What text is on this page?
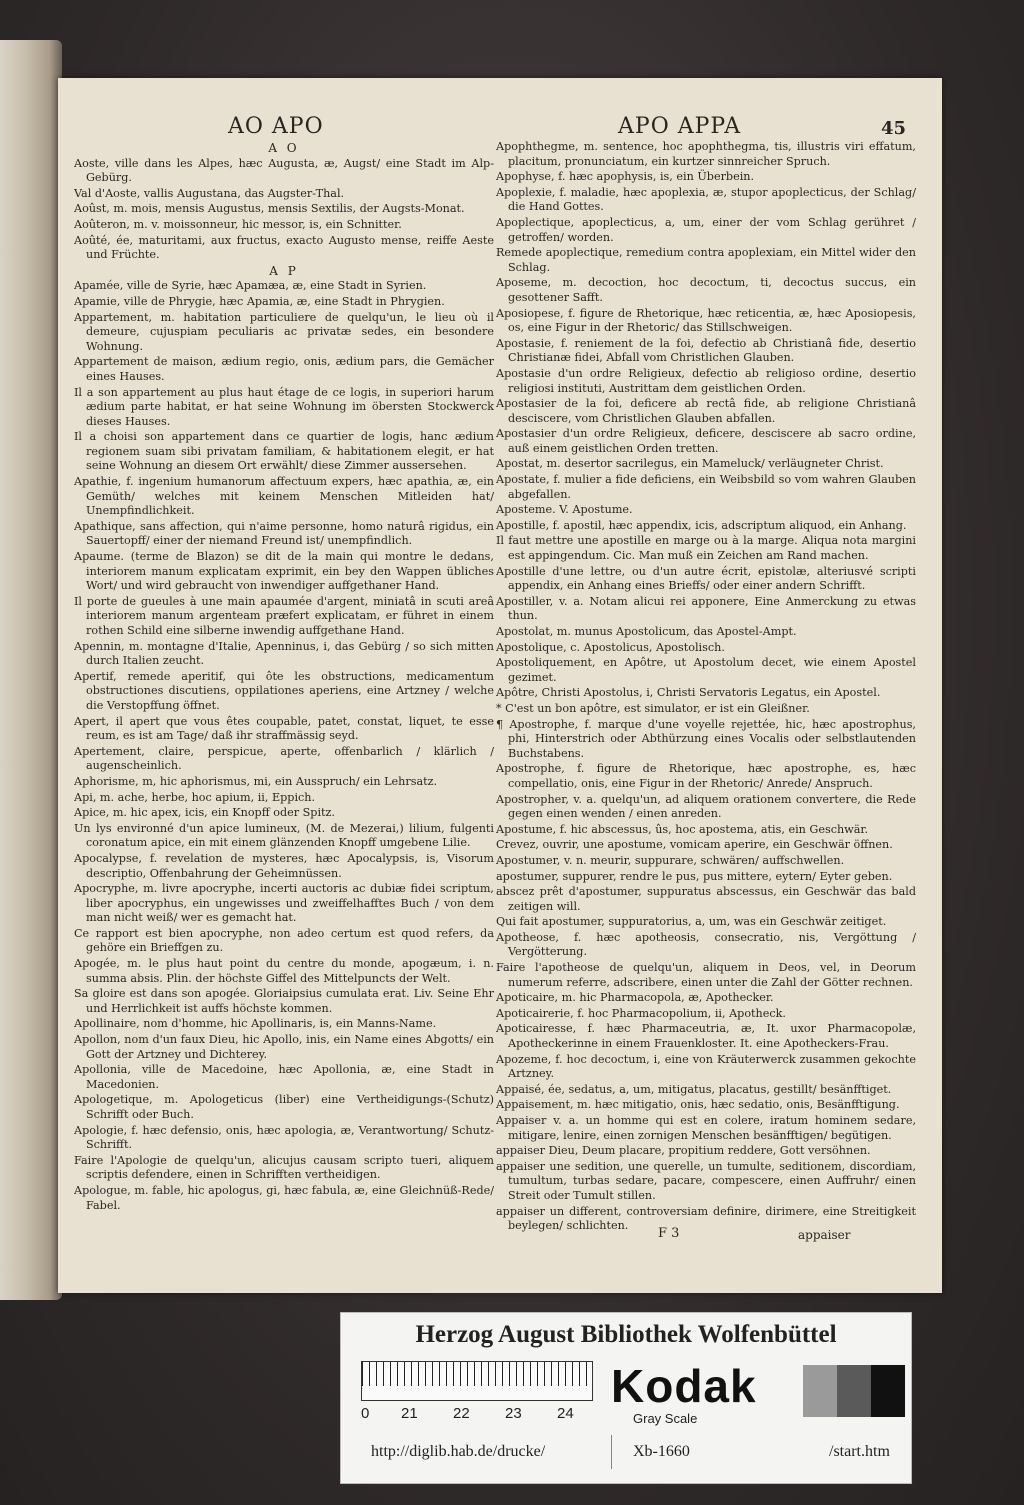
AO APO	APO APPA	45
A O
Aoste, ville dans les Alpes, hæc Augusta, æ, Augst/ eine Stadt im Alp-Gebürg.
Val d'Aoste, vallis Augustana, das Augster-Thal.
Aoûst, m. mois, mensis Augustus, mensis Sextilis, der Augsts-Monat.
Aoûteron, m. v. moissonneur, hic messor, is, ein Schnitter.
Aoûté, ée, maturitami, aux fructus, exacto Augusto mense, reiffe Aeste und Früchte.
A P
Apamée, ville de Syrie, hæc Apamæa, æ, eine Stadt in Syrien.
Apamie, ville de Phrygie, hæc Apamia, æ, eine Stadt in Phrygien.
Appartement, m. habitation particuliere de quelqu'un, le lieu où il demeure, cujuspiam peculiaris ac privatæ sedes, ein besondere Wohnung.
Appartement de maison, ædium regio, onis, ædium pars, die Gemächer eines Hauses.
Il a son appartement au plus haut étage de ce logis, in superiori harum ædium parte habitat, er hat seine Wohnung im öbersten Stockwerck dieses Hauses.
Il a choisi son appartement dans ce quartier de logis, hanc ædium regionem suam sibi privatam familiam, & habitationem elegit, er hat seine Wohnung an diesem Ort erwählt/ diese Zimmer aussersehen.
Apathie, f. ingenium humanorum affectuum expers, hæc apathia, æ, ein Gemüth/ welches mit keinem Menschen Mitleiden hat/ Unempfindlichkeit.
Apathique, sans affection, qui n'aime personne, homo naturâ rigidus, ein Sauertopff/ einer der niemand Freund ist/ unempfindlich.
Apaume. (terme de Blazon) se dit de la main qui montre le dedans, interiorem manum explicatam exprimit, ein bey den Wappen übliches Wort/ und wird gebraucht von inwendiger auffgethaner Hand.
Il porte de gueules à une main apaumée d'argent, miniatâ in scuti areâ interiorem manum argenteam præfert explicatam, er führet in einem rothen Schild eine silberne inwendig auffgethane Hand.
Apennin, m. montagne d'Italie, Apenninus, i, das Gebürg / so sich mitten durch Italien zeucht.
Apertif, remede aperitif, qui ôte les obstructions, medicamentum obstructiones discutiens, oppilationes aperiens, eine Artzney / welche die Verstopffung öffnet.
Apert, il apert que vous êtes coupable, patet, constat, liquet, te esse reum, es ist am Tage/ daß ihr straffmässig seyd.
Apertement, claire, perspicue, aperte, offenbarlich / klärlich / augenscheinlich.
Aphorisme, m, hic aphorismus, mi, ein Ausspruch/ ein Lehrsatz.
Api, m. ache, herbe, hoc apium, ii, Eppich.
Apice, m. hic apex, icis, ein Knopff oder Spitz.
Un lys environné d'un apice lumineux, (M. de Mezerai,) lilium, fulgenti coronatum apice, ein mit einem glänzenden Knopff umgebene Lilie.
Apocalypse, f. revelation de mysteres, hæc Apocalypsis, is, Visorum descriptio, Offenbahrung der Geheimnüssen.
Apocryphe, m. livre apocryphe, incerti auctoris ac dubiæ fidei scriptum, liber apocryphus, ein ungewisses und zweiffelhafftes Buch / von dem man nicht weiß/ wer es gemacht hat.
Ce rapport est bien apocryphe, non adeo certum est quod refers, da gehöre ein Brieffgen zu.
Apogée, m. le plus haut point du centre du monde, apogæum, i. n. summa absis. Plin. der höchste Giffel des Mittelpuncts der Welt.
Sa gloire est dans son apogée. Gloriaipsius cumulata erat. Liv. Seine Ehr und Herrlichkeit ist auffs höchste kommen.
Apollinaire, nom d'homme, hic Apollinaris, is, ein Manns-Name.
Apollon, nom d'un faux Dieu, hic Apollo, inis, ein Name eines Abgotts/ ein Gott der Artzney und Dichterey.
Apollonia, ville de Macedoine, hæc Apollonia, æ, eine Stadt in Macedonien.
Apologetique, m. Apologeticus (liber) eine Vertheidigungs-(Schutz) Schrifft oder Buch.
Apologie, f. hæc defensio, onis, hæc apologia, æ, Verantwortung/ Schutz-Schrifft.
Faire l'Apologie de quelqu'un, alicujus causam scripto tueri, aliquem scriptis defendere, einen in Schrifften vertheidigen.
Apologue, m. fable, hic apologus, gi, hæc fabula, æ, eine Gleichnüß-Rede/ Fabel.
Apophthegme, m. sentence, hoc apophthegma, tis, illustris viri effatum, placitum, pronunciatum, ein kurtzer sinnreicher Spruch.
Apophyse, f. hæc apophysis, is, ein Überbein.
Apoplexie, f. maladie, hæc apoplexia, æ, stupor apoplecticus, der Schlag/ die Hand Gottes.
Apoplectique, apoplecticus, a, um, einer der vom Schlag gerühret / getroffen/ worden.
Remede apoplectique, remedium contra apoplexiam, ein Mittel wider den Schlag.
Aposeme, m. decoction, hoc decoctum, ti, decoctus succus, ein gesottener Safft.
Aposiopese, f. figure de Rhetorique, hæc reticentia, æ, hæc Aposiopesis, os, eine Figur in der Rhetoric/ das Stillschweigen.
Apostasie, f. reniement de la foi, defectio ab Christianâ fide, desertio Christianæ fidei, Abfall vom Christlichen Glauben.
Apostasie d'un ordre Religieux, defectio ab religioso ordine, desertio religiosi instituti, Austrittam dem geistlichen Orden.
Apostasier de la foi, deficere ab rectâ fide, ab religione Christianâ desciscere, vom Christlichen Glauben abfallen.
Apostasier d'un ordre Religieux, deficere, desciscere ab sacro ordine, auß einem geistlichen Orden tretten.
Apostat, m. desertor sacrilegus, ein Mameluck/ verläugneter Christ.
Apostate, f. mulier a fide deficiens, ein Weibsbild so vom wahren Glauben abgefallen.
Aposteme. V. Apostume.
Apostille, f. apostil, hæc appendix, icis, adscriptum aliquod, ein Anhang.
Il faut mettre une apostille en marge ou à la marge. Aliqua nota margini est appingendum. Cic. Man muß ein Zeichen am Rand machen.
Apostille d'une lettre, ou d'un autre écrit, epistolæ, alteriusvé scripti appendix, ein Anhang eines Brieffs/ oder einer andern Schrifft.
Apostiller, v. a. Notam alicui rei apponere, Eine Anmerckung zu etwas thun.
Apostolat, m. munus Apostolicum, das Apostel-Ampt.
Apostolique, c. Apostolicus, Apostolisch.
Apostoliquement, en Apôtre, ut Apostolum decet, wie einem Apostel gezimet.
Apôtre, Christi Apostolus, i, Christi Servatoris Legatus, ein Apostel.
* C'est un bon apôtre, est simulator, er ist ein Gleißner.
¶ Apostrophe, f. marque d'une voyelle rejettée, hic, hæc apostrophus, phi, Hinterstrich oder Abthürzung eines Vocalis oder selbstlautenden Buchstabens.
Apostrophe, f. figure de Rhetorique, hæc apostrophe, es, hæc compellatio, onis, eine Figur in der Rhetoric/ Anrede/ Anspruch.
Apostropher, v. a. quelqu'un, ad aliquem orationem convertere, die Rede gegen einen wenden / einen anreden.
Apostume, f. hic abscessus, ûs, hoc apostema, atis, ein Geschwär.
Crevez, ouvrir, une apostume, vomicam aperire, ein Geschwär öffnen.
Apostumer, v. n. meurir, suppurare, schwären/ auffschwellen.
apostumer, suppurer, rendre le pus, pus mittere, eytern/ Eyter geben.
abscez prêt d'apostumer, suppuratus abscessus, ein Geschwär das bald zeitigen will.
Qui fait apostumer, suppuratorius, a, um, was ein Geschwär zeitiget.
Apotheose, f. hæc apotheosis, consecratio, nis, Vergöttung / Vergötterung.
Faire l'apotheose de quelqu'un, aliquem in Deos, vel, in Deorum numerum referre, adscribere, einen unter die Zahl der Götter rechnen.
Apoticaire, m. hic Pharmacopola, æ, Apothecker.
Apoticairerie, f. hoc Pharmacopolium, ii, Apotheck.
Apoticairesse, f. hæc Pharmaceutria, æ, It. uxor Pharmacopolæ, Apotheckerinne in einem Frauenkloster. It. eine Apotheckers-Frau.
Apozeme, f. hoc decoctum, i, eine von Kräuterwerck zusammen gekochte Artzney.
Appaisé, ée, sedatus, a, um, mitigatus, placatus, gestillt/ besänfftiget.
Appaisement, m. hæc mitigatio, onis, hæc sedatio, onis, Besänfftigung.
Appaiser v. a. un homme qui est en colere, iratum hominem sedare, mitigare, lenire, einen zornigen Menschen besänfftigen/ begütigen.
appaiser Dieu, Deum placare, propitium reddere, Gott versöhnen.
appaiser une sedition, une querelle, un tumulte, seditionem, discordiam, tumultum, turbas sedare, pacare, compescere, einen Auffruhr/ einen Streit oder Tumult stillen.
appaiser un different, controversiam definire, dirimere, eine Streitigkeit beylegen/ schlichten.
F 3	appaiser
Herzog August Bibliothek Wolfenbüttel
0 21 22 23 24
Kodak
Gray Scale
http://diglib.hab.de/drucke/	Xb-1660	/start.htm
